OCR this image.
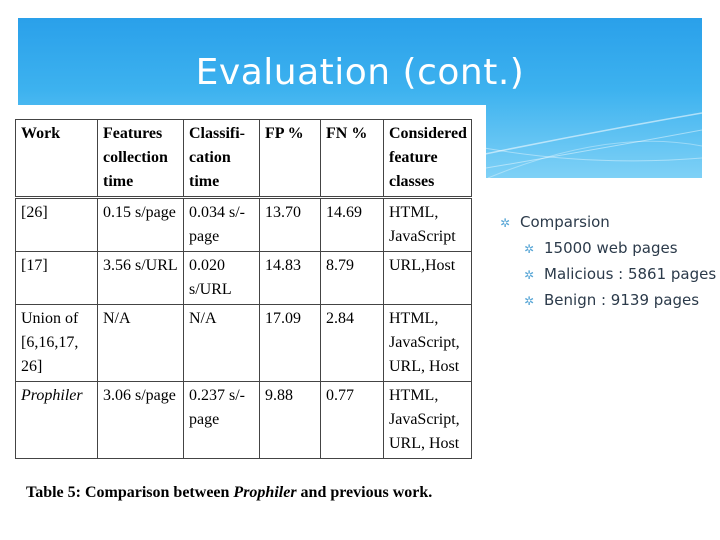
Evaluation (cont.)
Work	Features collection time	Classifi-cation time	FP %	FN %	Considered feature classes
[26]	0.15 s/page	0.034 s/-page	13.70	14.69	HTML, JavaScript
[17]	3.56 s/URL	0.020 s/URL	14.83	8.79	URL,Host
Union of [6,16,17, 26]	N/A	N/A	17.09	2.84	HTML, JavaScript, URL, Host
Prophiler	3.06 s/page	0.237 s/-page	9.88	0.77	HTML, JavaScript, URL, Host
Table 5: Comparison between Prophiler and previous work.
✲ Comparsion
✲ 15000 web pages
✲ Malicious : 5861 pages
✲ Benign : 9139 pages
